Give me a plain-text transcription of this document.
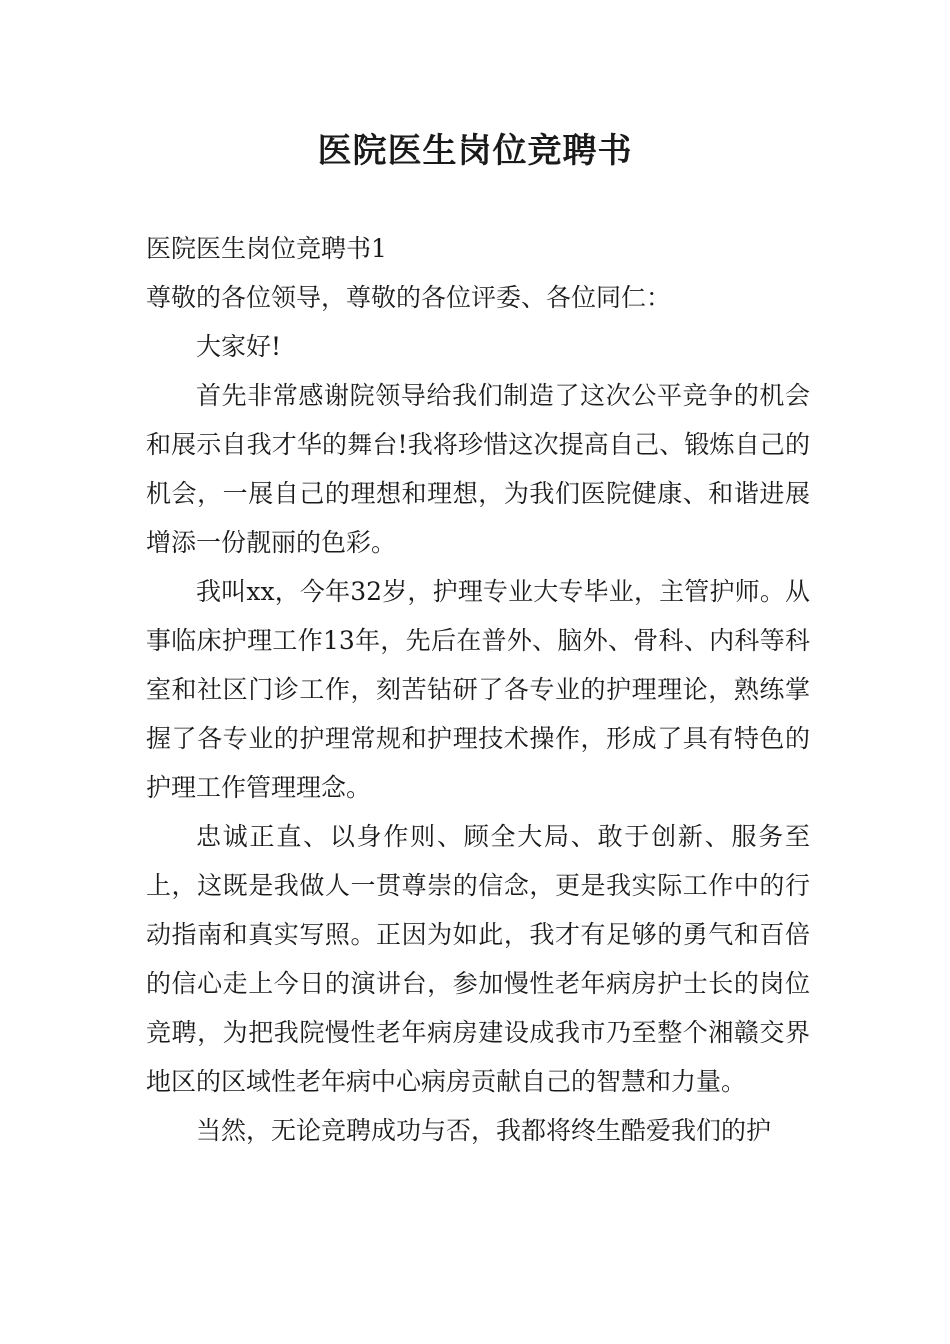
医院医生岗位竞聘书

医院医生岗位竞聘书1

尊敬的各位领导，尊敬的各位评委、各位同仁：

大家好!

首先非常感谢院领导给我们制造了这次公平竞争的机会和展示自我才华的舞台!我将珍惜这次提高自己、锻炼自己的机会，一展自己的理想和理想，为我们医院健康、和谐进展增添一份靓丽的色彩。

我叫xx，今年32岁，护理专业大专毕业，主管护师。从事临床护理工作13年，先后在普外、脑外、骨科、内科等科室和社区门诊工作，刻苦钻研了各专业的护理理论，熟练掌握了各专业的护理常规和护理技术操作，形成了具有特色的护理工作管理理念。

忠诚正直、以身作则、顾全大局、敢于创新、服务至上，这既是我做人一贯尊崇的信念，更是我实际工作中的行动指南和真实写照。正因为如此，我才有足够的勇气和百倍的信心走上今日的演讲台，参加慢性老年病房护士长的岗位竞聘，为把我院慢性老年病房建设成我市乃至整个湘赣交界地区的区域性老年病中心病房贡献自己的智慧和力量。

当然，无论竞聘成功与否，我都将终生酷爱我们的护
